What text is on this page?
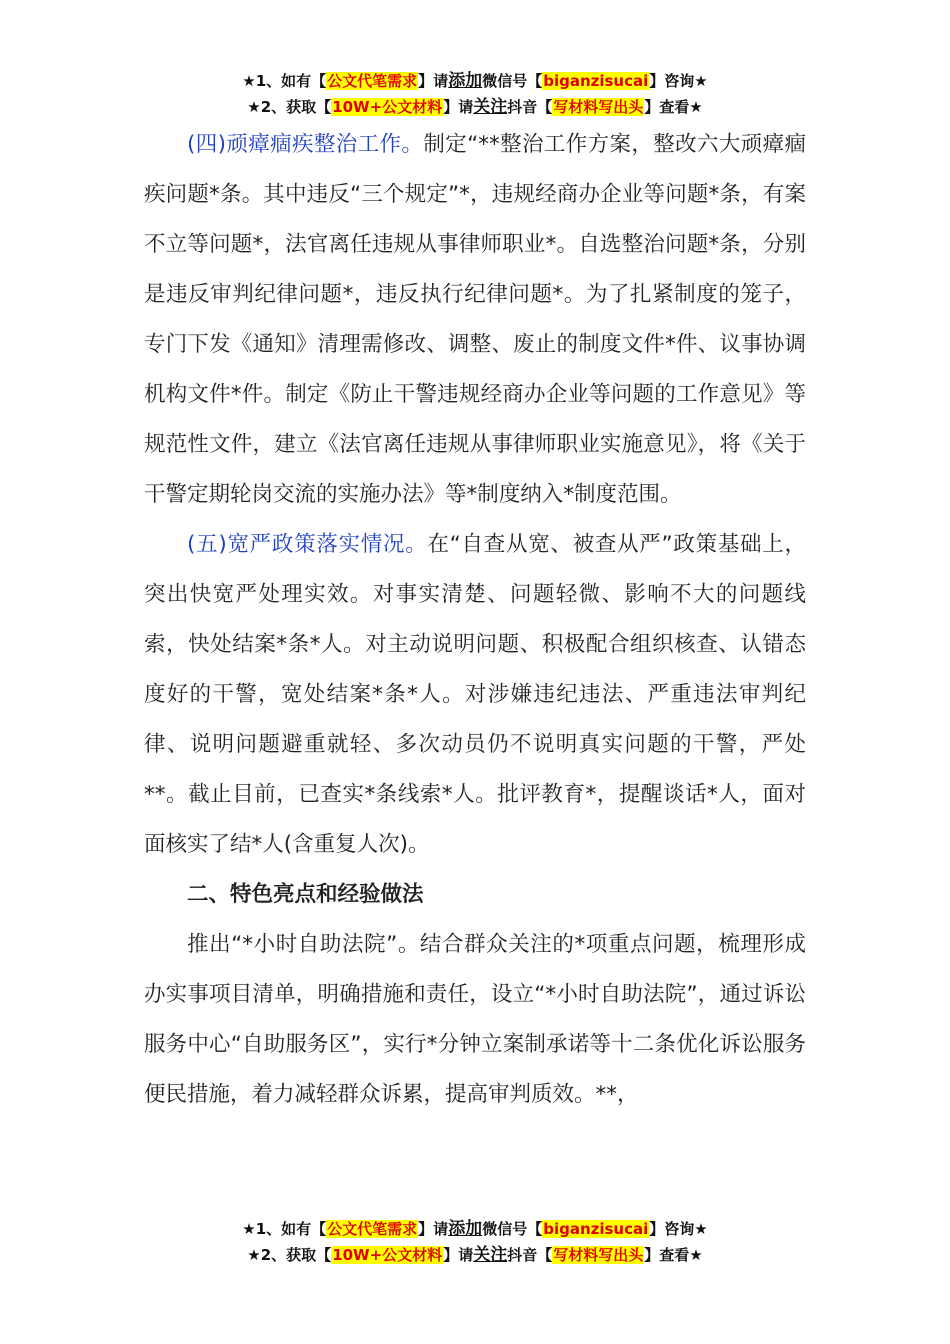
★1、如有【公文代笔需求】请添加微信号【biganzisucai】咨询★
★2、获取【10W+公文材料】请关注抖音【写材料写出头】查看★

(四)顽瘴痼疾整治工作。制定“**整治工作方案，整改六大顽瘴痼疾问题*条。其中违反“三个规定”*，违规经商办企业等问题*条，有案不立等问题*，法官离任违规从事律师职业*。自选整治问题*条，分别是违反审判纪律问题*，违反执行纪律问题*。为了扎紧制度的笼子，专门下发《通知》清理需修改、调整、废止的制度文件*件、议事协调机构文件*件。制定《防止干警违规经商办企业等问题的工作意见》等规范性文件，建立《法官离任违规从事律师职业实施意见》，将《关于干警定期轮岗交流的实施办法》等*制度纳入*制度范围。

(五)宽严政策落实情况。在“自查从宽、被查从严”政策基础上，突出快宽严处理实效。对事实清楚、问题轻微、影响不大的问题线索，快处结案*条*人。对主动说明问题、积极配合组织核查、认错态度好的干警，宽处结案*条*人。对涉嫌违纪违法、严重违法审判纪律、说明问题避重就轻、多次动员仍不说明真实问题的干警，严处**。截止目前，已查实*条线索*人。批评教育*，提醒谈话*人，面对面核实了结*人(含重复人次)。

二、特色亮点和经验做法

推出“*小时自助法院”。结合群众关注的*项重点问题，梳理形成办实事项目清单，明确措施和责任，设立“*小时自助法院”，通过诉讼服务中心“自助服务区”，实行*分钟立案制承诺等十二条优化诉讼服务便民措施，着力减轻群众诉累，提高审判质效。**，

★1、如有【公文代笔需求】请添加微信号【biganzisucai】咨询★
★2、获取【10W+公文材料】请关注抖音【写材料写出头】查看★
